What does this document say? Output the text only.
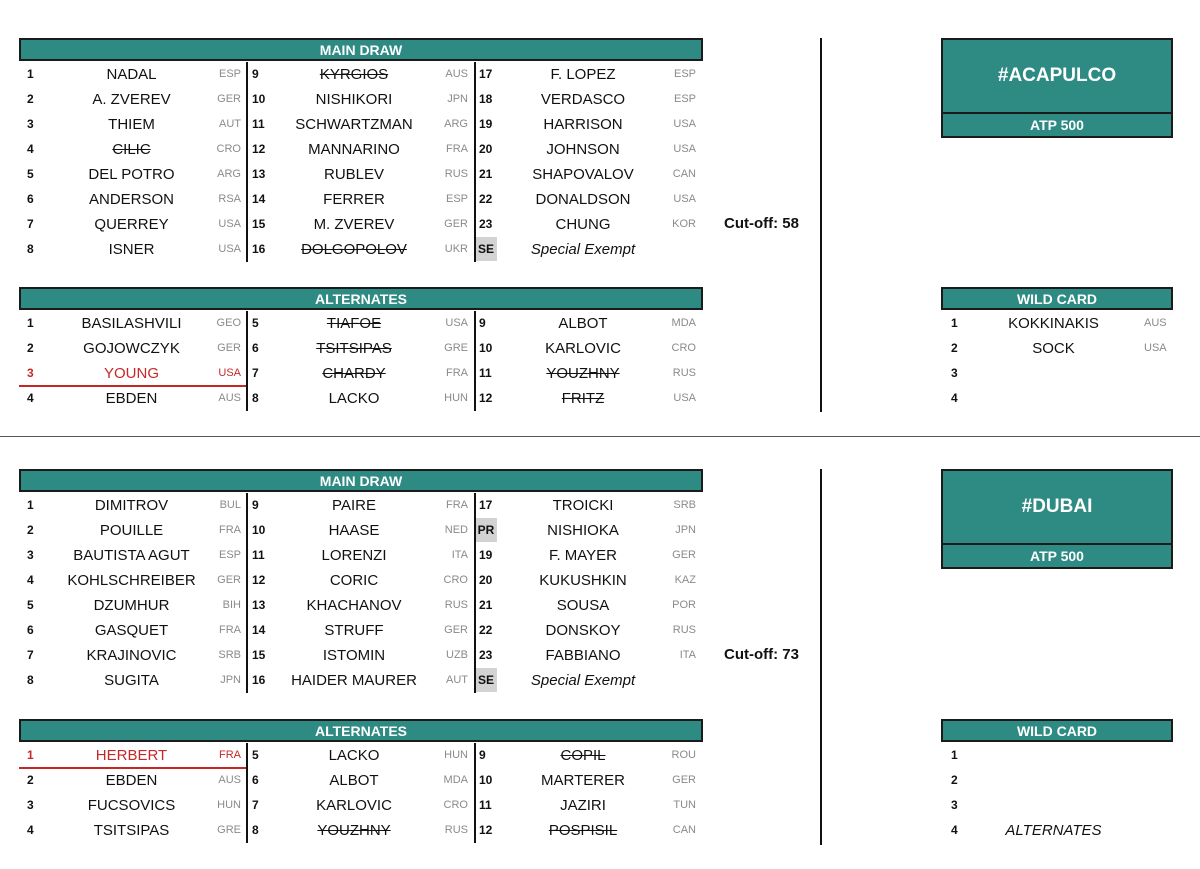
MAIN DRAW
1	NADAL	ESP 9	KYRGIOS	AUS 17	F. LOPEZ	ESP
2	A. ZVEREV	GER 10	NISHIKORI	JPN 18	VERDASCO	ESP
3	THIEM	AUT 11	SCHWARTZMAN	ARG 19	HARRISON	USA
4	CILIC	CRO 12	MANNARINO	FRA 20	JOHNSON	USA
5	DEL POTRO	ARG 13	RUBLEV	RUS 21	SHAPOVALOV	CAN
6	ANDERSON	RSA 14	FERRER	ESP 22	DONALDSON	USA
7	QUERREY	USA 15	M. ZVEREV	GER 23	CHUNG	KOR
8	ISNER	USA 16	DOLGOPOLOV	UKR SE	Special Exempt
Cut-off: 58
ALTERNATES
1	BASILASHVILI	GEO 5	TIAFOE	USA 9	ALBOT	MDA
2	GOJOWCZYK	GER 6	TSITSIPAS	GRE 10	KARLOVIC	CRO
3	YOUNG	USA 7	CHARDY	FRA 11	YOUZHNY	RUS
4	EBDEN	AUS 8	LACKO	HUN 12	FRITZ	USA
#ACAPULCO
ATP 500
WILD CARD
1	KOKKINAKIS	AUS
2	SOCK	USA
3
4
MAIN DRAW
1	DIMITROV	BUL 9	PAIRE	FRA 17	TROICKI	SRB
2	POUILLE	FRA 10	HAASE	NED PR	NISHIOKA	JPN
3	BAUTISTA AGUT	ESP 11	LORENZI	ITA 19	F. MAYER	GER
4	KOHLSCHREIBER	GER 12	CORIC	CRO 20	KUKUSHKIN	KAZ
5	DZUMHUR	BIH 13	KHACHANOV	RUS 21	SOUSA	POR
6	GASQUET	FRA 14	STRUFF	GER 22	DONSKOY	RUS
7	KRAJINOVIC	SRB 15	ISTOMIN	UZB 23	FABBIANO	ITA
8	SUGITA	JPN 16	HAIDER MAURER	AUT SE	Special Exempt
Cut-off: 73
ALTERNATES
1	HERBERT	FRA 5	LACKO	HUN 9	COPIL	ROU
2	EBDEN	AUS 6	ALBOT	MDA 10	MARTERER	GER
3	FUCSOVICS	HUN 7	KARLOVIC	CRO 11	JAZIRI	TUN
4	TSITSIPAS	GRE 8	YOUZHNY	RUS 12	POSPISIL	CAN
#DUBAI
ATP 500
WILD CARD
1
2
3
4	ALTERNATES
